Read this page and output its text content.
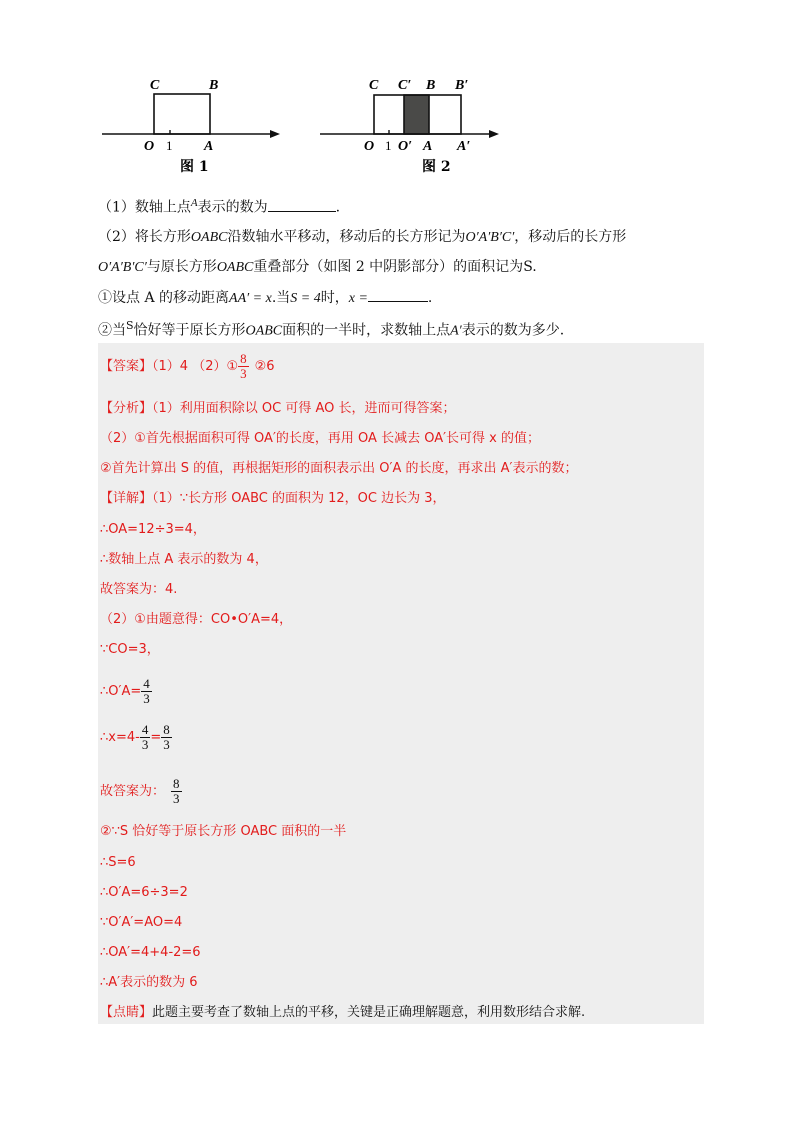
C	B
O 1 A
图 1
C C′ B B′
O 1 O′ A A′
图 2
（1）数轴上点$^A$表示的数为	.
（2）将长方形OABC沿数轴水平移动，移动后的长方形记为O′A′B′C′，移动后的长方形
O′A′B′C′与原长方形OABC重叠部分（如图 2 中阴影部分）的面积记为S.
①设点 A 的移动距离AA′ = x.当S = 4时，x =	.
②当$^S$恰好等于原长方形OABC面积的一半时，求数轴上点A′表示的数为多少.
【答案】（1）4 （2）① $\frac{8}{3}$ ②6
【分析】（1）利用面积除以 OC 可得 AO 长，进而可得答案；
（2）①首先根据面积可得 OA′的长度，再用 OA 长减去 OA′长可得 x 的值；
②首先计算出 S 的值，再根据矩形的面积表示出 O′A 的长度，再求出 A′表示的数；
【详解】（1）∵长方形 OABC 的面积为 12，OC 边长为 3，
∴OA=12÷3=4，
∴数轴上点 A 表示的数为 4，
故答案为：4.
（2）①由题意得：CO•O′A=4，
∵CO=3，
∴O′A= $\frac{4}{3}$
∴x=4- $\frac{4}{3} = \frac{8}{3}$
故答案为： $\frac{8}{3}$
②∵S 恰好等于原长方形 OABC 面积的一半
∴S=6
∴O′A=6÷3=2
∵O′A′=AO=4
∴OA′=4+4-2=6
∴A′表示的数为 6
【点睛】此题主要考查了数轴上点的平移，关键是正确理解题意，利用数形结合求解.
